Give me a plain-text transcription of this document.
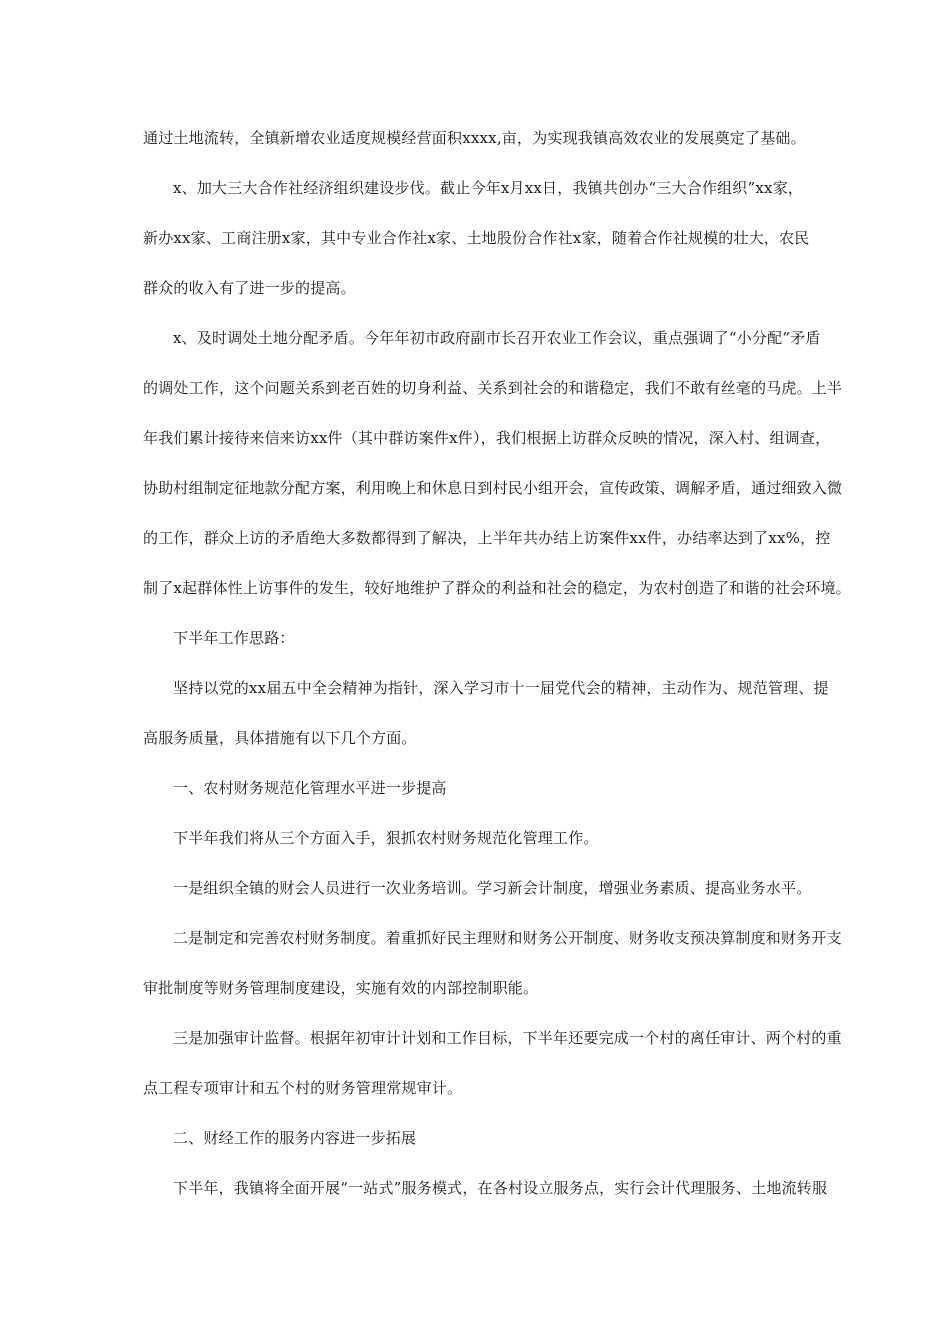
通过土地流转，全镇新增农业适度规模经营面积xxxx,亩，为实现我镇高效农业的发展奠定了基础。
x、加大三大合作社经济组织建设步伐。截止今年x月xx日，我镇共创办“三大合作组织”xx家，
新办xx家、工商注册x家，其中专业合作社x家、土地股份合作社x家，随着合作社规模的壮大，农民
群众的收入有了进一步的提高。
x、及时调处土地分配矛盾。今年年初市政府副市长召开农业工作会议，重点强调了“小分配”矛盾
的调处工作，这个问题关系到老百姓的切身利益、关系到社会的和谐稳定，我们不敢有丝毫的马虎。上半
年我们累计接待来信来访xx件（其中群访案件x件），我们根据上访群众反映的情况，深入村、组调查，
协助村组制定征地款分配方案，利用晚上和休息日到村民小组开会，宣传政策、调解矛盾，通过细致入微
的工作，群众上访的矛盾绝大多数都得到了解决，上半年共办结上访案件xx件，办结率达到了xx%，控
制了x起群体性上访事件的发生，较好地维护了群众的利益和社会的稳定，为农村创造了和谐的社会环境。
下半年工作思路：
坚持以党的xx届五中全会精神为指针，深入学习市十一届党代会的精神，主动作为、规范管理、提
高服务质量，具体措施有以下几个方面。
一、农村财务规范化管理水平进一步提高
下半年我们将从三个方面入手，狠抓农村财务规范化管理工作。
一是组织全镇的财会人员进行一次业务培训。学习新会计制度，增强业务素质、提高业务水平。
二是制定和完善农村财务制度。着重抓好民主理财和财务公开制度、财务收支预决算制度和财务开支
审批制度等财务管理制度建设，实施有效的内部控制职能。
三是加强审计监督。根据年初审计计划和工作目标，下半年还要完成一个村的离任审计、两个村的重
点工程专项审计和五个村的财务管理常规审计。
二、财经工作的服务内容进一步拓展
下半年，我镇将全面开展“一站式”服务模式，在各村设立服务点，实行会计代理服务、土地流转服
